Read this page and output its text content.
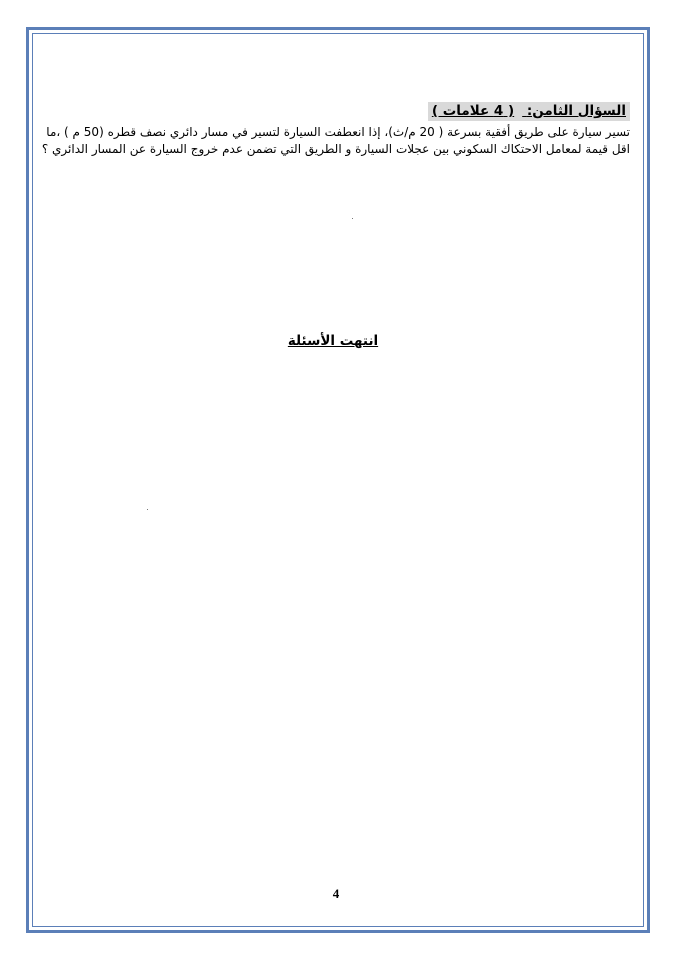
السؤال الثامن: ( 4 علامات )
تسير سيارة على طريق أفقية بسرعة ( 20 م/ث)، إذا انعطفت السيارة لتسير في مسار دائري نصف قطره (50 م ) ،ما اقل قيمة لمعامل الاحتكاك السكوني بين عجلات السيارة و الطريق التي تضمن عدم خروج السيارة عن المسار الدائري ؟
انتهت الأسئلة
4
